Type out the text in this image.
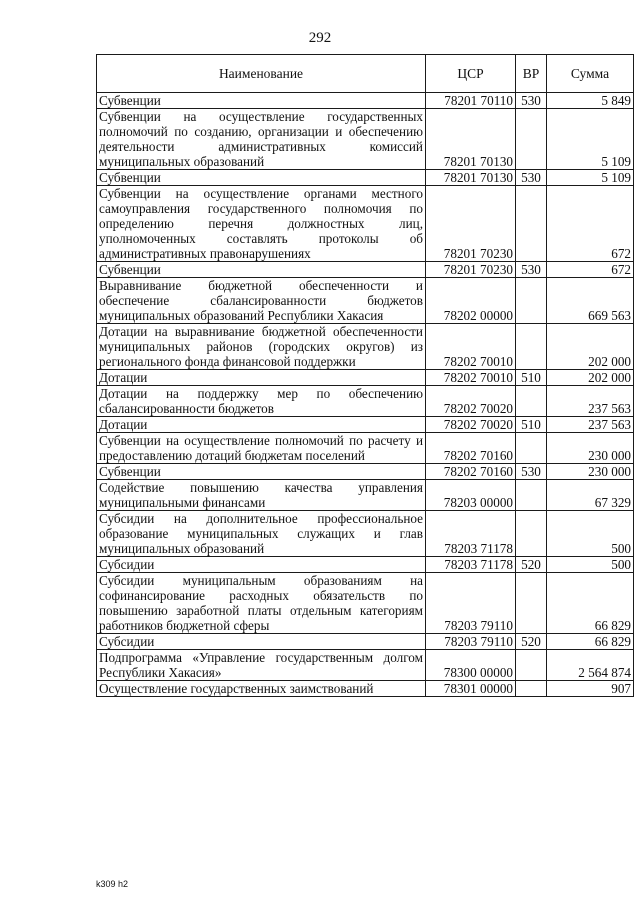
292
Наименование	ЦСР	ВР	Сумма
Субвенции	78201 70110	530	5 849
Субвенции на осуществление государственных полномочий по созданию, организации и обеспечению деятельности административных комиссий муниципальных образований	78201 70130		5 109
Субвенции	78201 70130	530	5 109
Субвенции на осуществление органами местного самоуправления государственного полномочия по определению перечня должностных лиц, уполномоченных составлять протоколы об административных правонарушениях	78201 70230		672
Субвенции	78201 70230	530	672
Выравнивание бюджетной обеспеченности и обеспечение сбалансированности бюджетов муниципальных образований Республики Хакасия	78202 00000		669 563
Дотации на выравнивание бюджетной обеспеченности муниципальных районов (городских округов) из регионального фонда финансовой поддержки	78202 70010		202 000
Дотации	78202 70010	510	202 000
Дотации на поддержку мер по обеспечению сбалансированности бюджетов	78202 70020		237 563
Дотации	78202 70020	510	237 563
Субвенции на осуществление полномочий по расчету и предоставлению дотаций бюджетам поселений	78202 70160		230 000
Субвенции	78202 70160	530	230 000
Содействие повышению качества управления муниципальными финансами	78203 00000		67 329
Субсидии на дополнительное профессиональное образование муниципальных служащих и глав муниципальных образований	78203 71178		500
Субсидии	78203 71178	520	500
Субсидии муниципальным образованиям на софинансирование расходных обязательств по повышению заработной платы отдельным категориям работников бюджетной сферы	78203 79110		66 829
Субсидии	78203 79110	520	66 829
Подпрограмма «Управление государственным долгом Республики Хакасия»	78300 00000		2 564 874
Осуществление государственных заимствований	78301 00000		907
k309 h2
